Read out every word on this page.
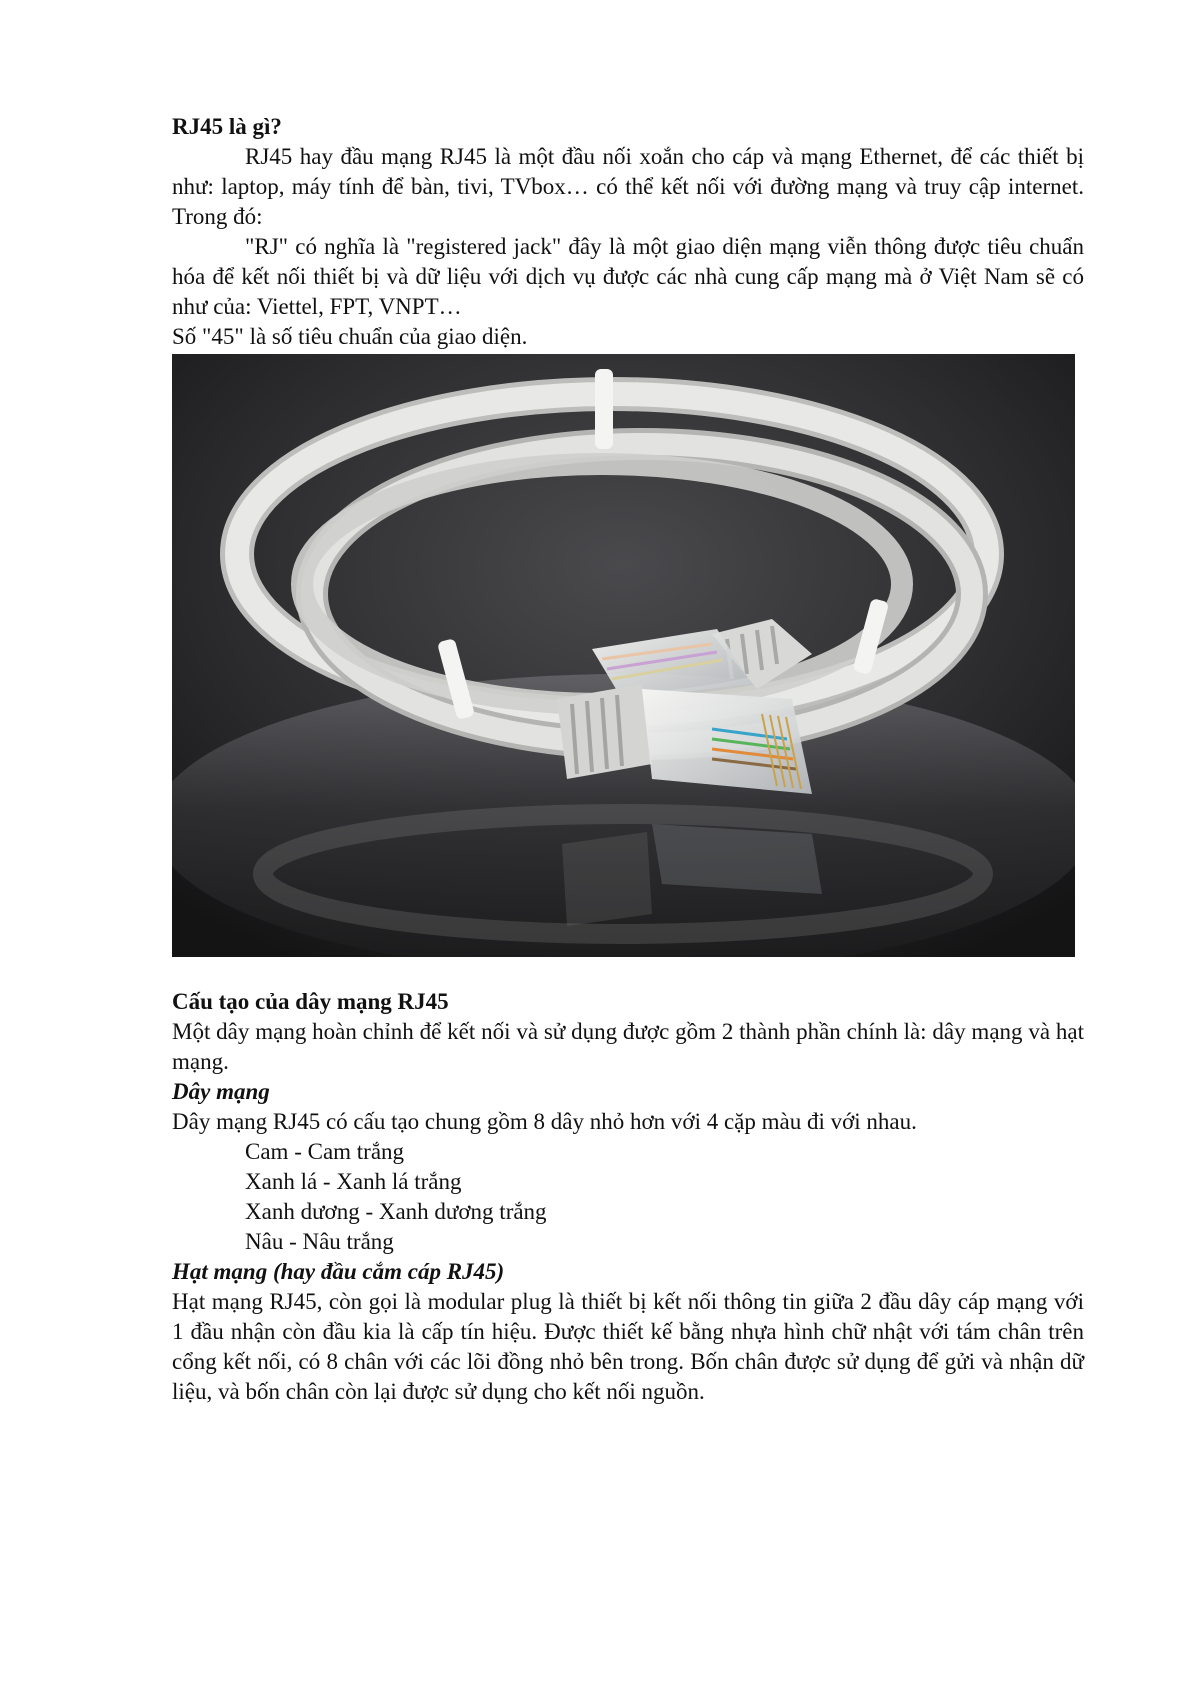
RJ45 là gì?

RJ45 hay đầu mạng RJ45 là một đầu nối xoắn cho cáp và mạng Ethernet, để các thiết bị như: laptop, máy tính để bàn, tivi, TVbox… có thể kết nối với đường mạng và truy cập internet. Trong đó:

"RJ" có nghĩa là "registered jack" đây là một giao diện mạng viễn thông được tiêu chuẩn hóa để kết nối thiết bị và dữ liệu với dịch vụ được các nhà cung cấp mạng mà ở Việt Nam sẽ có như của: Viettel, FPT, VNPT…

Số "45" là số tiêu chuẩn của giao diện.

Cấu tạo của dây mạng RJ45

Một dây mạng hoàn chỉnh để kết nối và sử dụng được gồm 2 thành phần chính là: dây mạng và hạt mạng.

Dây mạng

Dây mạng RJ45 có cấu tạo chung gồm 8 dây nhỏ hơn với 4 cặp màu đi với nhau.

Cam - Cam trắng

Xanh lá - Xanh lá trắng

Xanh dương - Xanh dương trắng

Nâu - Nâu trắng

Hạt mạng (hay đầu cắm cáp RJ45)

Hạt mạng RJ45, còn gọi là modular plug là thiết bị kết nối thông tin giữa 2 đầu dây cáp mạng với 1 đầu nhận còn đầu kia là cấp tín hiệu. Được thiết kế bằng nhựa hình chữ nhật với tám chân trên cổng kết nối, có 8 chân với các lõi đồng nhỏ bên trong. Bốn chân được sử dụng để gửi và nhận dữ liệu, và bốn chân còn lại được sử dụng cho kết nối nguồn.
